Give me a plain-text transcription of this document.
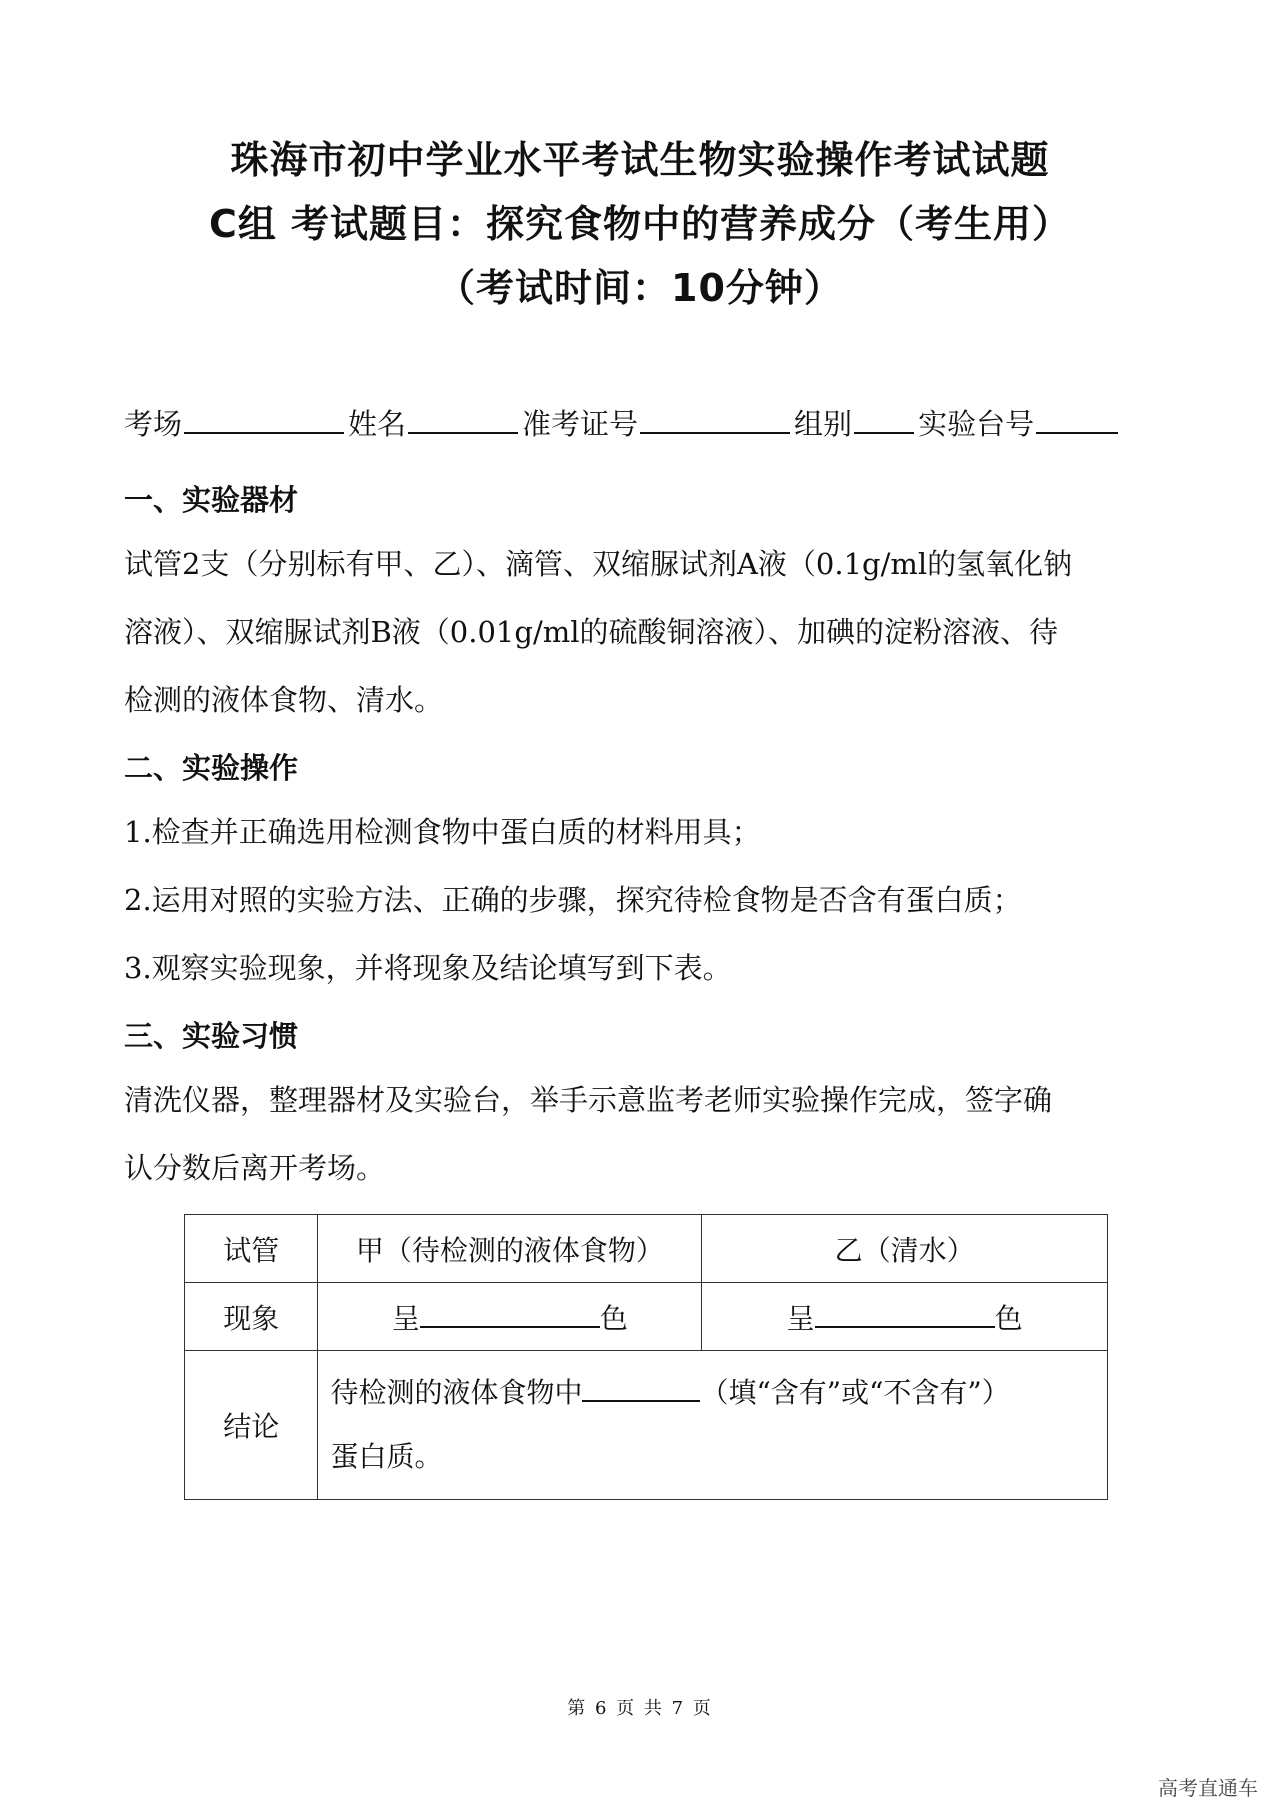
珠海市初中学业水平考试生物实验操作考试试题
C组 考试题目：探究食物中的营养成分（考生用）
（考试时间：10分钟）
考场	姓名	准考证号	组别 实验台号
一、实验器材
试管2支（分别标有甲、乙）、滴管、双缩脲试剂A液（0.1g/ml的氢氧化钠
溶液）、双缩脲试剂B液（0.01g/ml的硫酸铜溶液）、加碘的淀粉溶液、待
检测的液体食物、清水。
二、实验操作
1.检查并正确选用检测食物中蛋白质的材料用具；
2.运用对照的实验方法、正确的步骤，探究待检食物是否含有蛋白质；
3.观察实验现象，并将现象及结论填写到下表。
三、实验习惯
清洗仪器，整理器材及实验台，举手示意监考老师实验操作完成，签字确
认分数后离开考场。
试管	甲（待检测的液体食物）	乙（清水）
现象	呈 色	呈 色
结论	待检测的液体食物中 （填“含有”或“不含有”）
蛋白质。	
第 6 页 共 7 页
高考直通车
